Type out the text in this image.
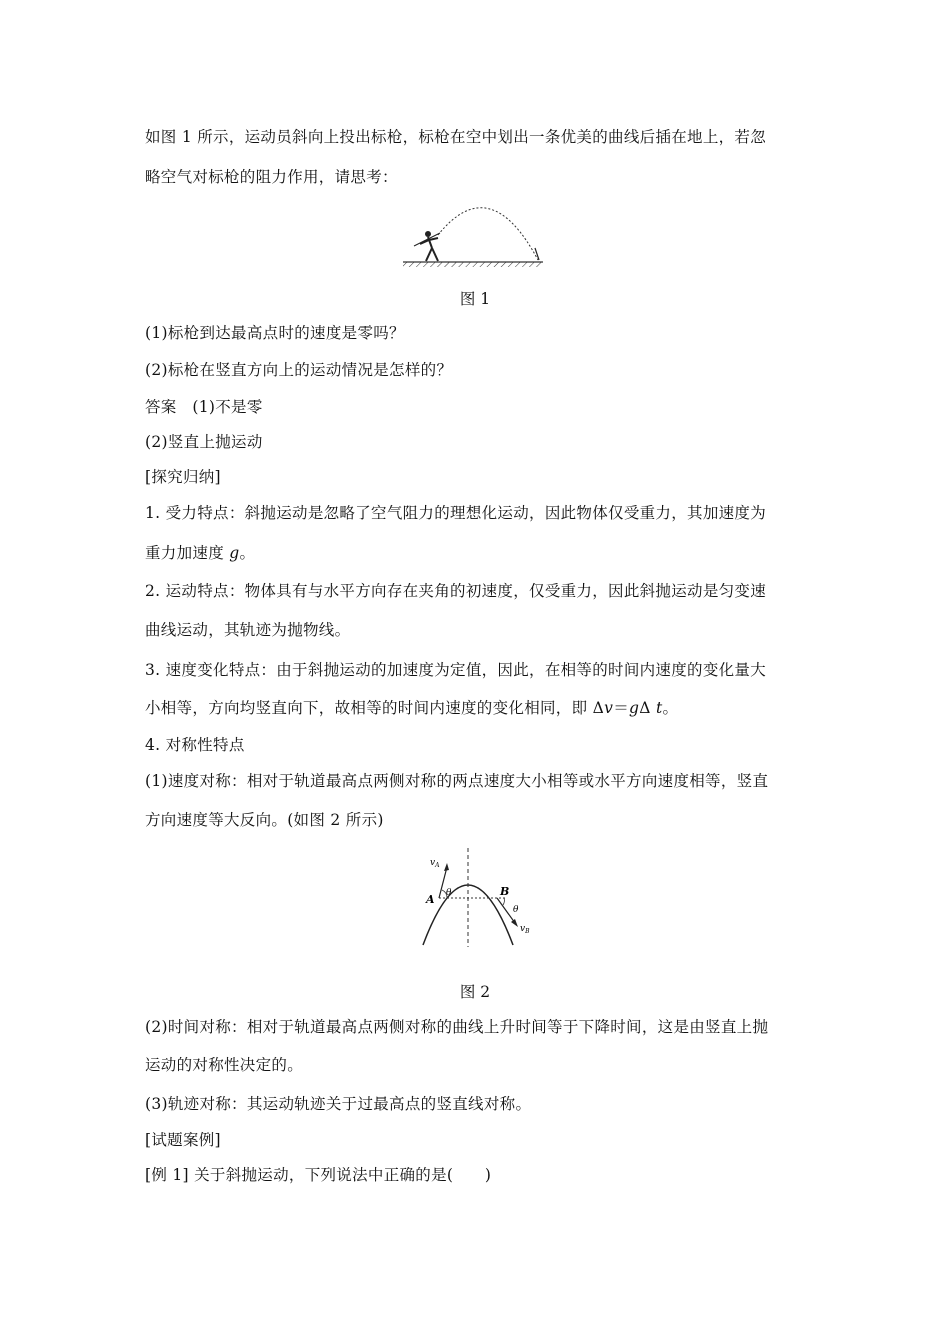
如图 1 所示，运动员斜向上投出标枪，标枪在空中划出一条优美的曲线后插在地上，若忽
略空气对标枪的阻力作用，请思考：
图 1
(1)标枪到达最高点时的速度是零吗？
(2)标枪在竖直方向上的运动情况是怎样的？
答案　(1)不是零
(2)竖直上抛运动
[探究归纳]
1. 受力特点：斜抛运动是忽略了空气阻力的理想化运动，因此物体仅受重力，其加速度为
重力加速度 g。
2. 运动特点：物体具有与水平方向存在夹角的初速度，仅受重力，因此斜抛运动是匀变速
曲线运动，其轨迹为抛物线。
3. 速度变化特点：由于斜抛运动的加速度为定值，因此，在相等的时间内速度的变化量大
小相等，方向均竖直向下，故相等的时间内速度的变化相同，即 Δv＝gΔ t。
4. 对称性特点
(1)速度对称：相对于轨道最高点两侧对称的两点速度大小相等或水平方向速度相等，竖直
方向速度等大反向。(如图 2 所示)
$v_A$
A θ	B
θ
$v_B$
图 2
(2)时间对称：相对于轨道最高点两侧对称的曲线上升时间等于下降时间，这是由竖直上抛
运动的对称性决定的。
(3)轨迹对称：其运动轨迹关于过最高点的竖直线对称。
[试题案例]
[例 1] 关于斜抛运动，下列说法中正确的是(　　)
